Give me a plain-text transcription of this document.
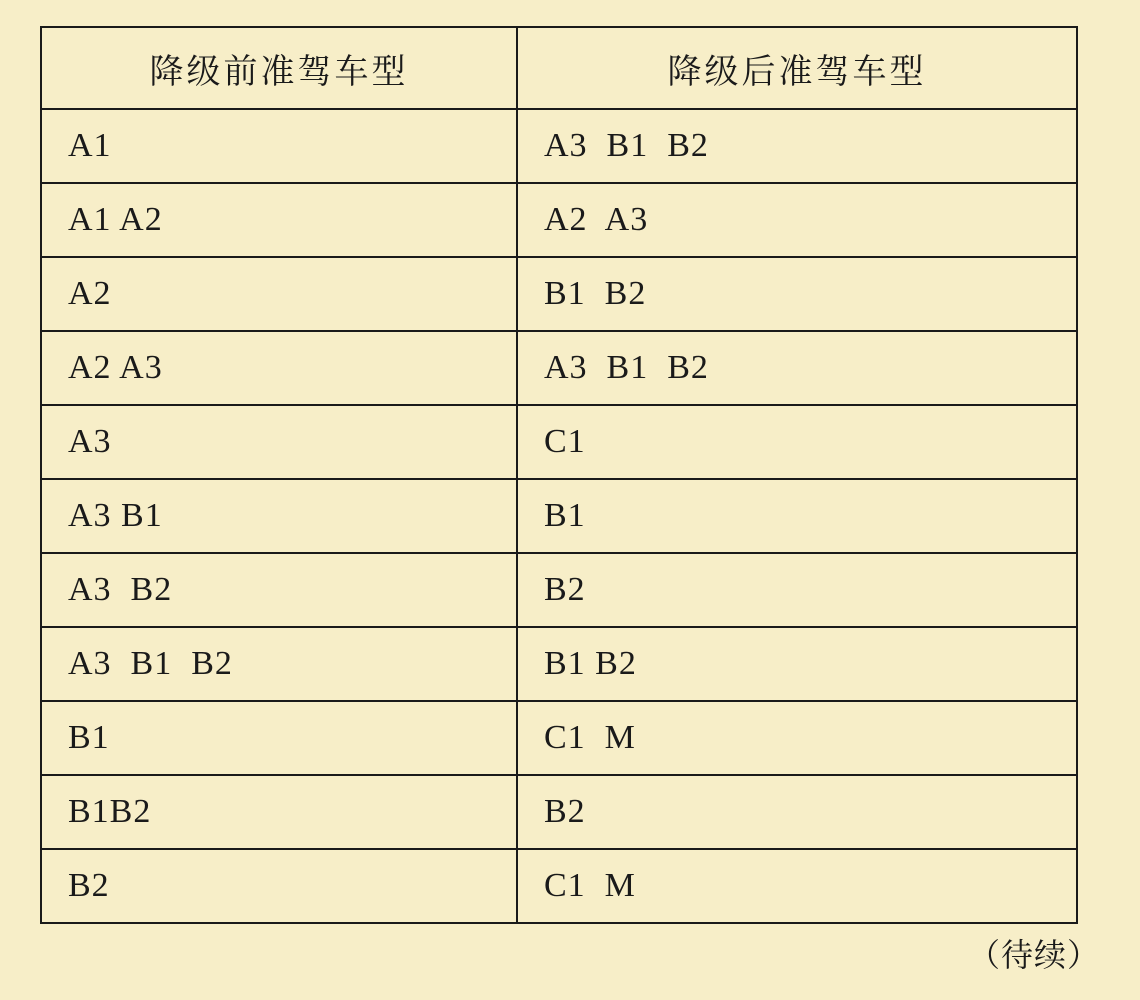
降级前准驾车型	降级后准驾车型
A1	A3  B1  B2
A1 A2	A2  A3
A2	B1  B2
A2 A3	A3  B1  B2
A3	C1
A3 B1	B1
A3  B2	B2
A3  B1  B2	B1 B2
B1	C1  M
B1B2	B2
B2	C1  M
（待续）
